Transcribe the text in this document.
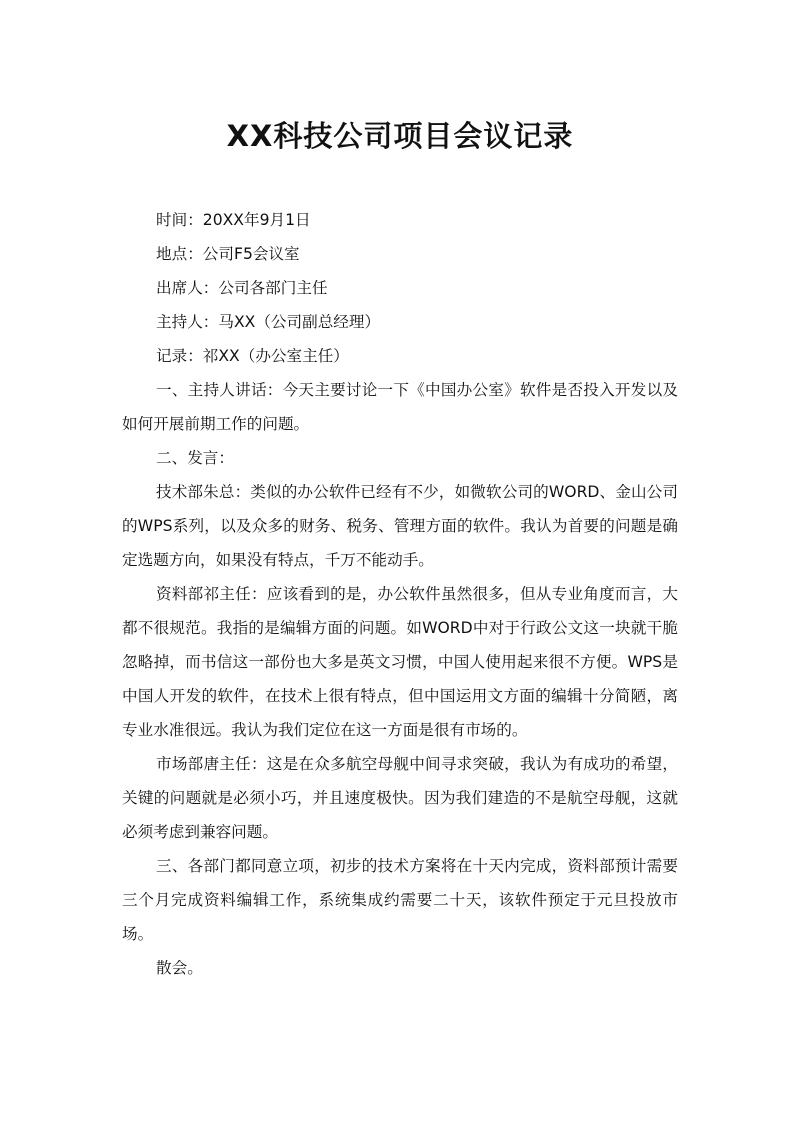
XX科技公司项目会议记录

时间：20XX年9月1日

地点：公司F5会议室

出席人：公司各部门主任

主持人：马XX（公司副总经理）

记录：祁XX（办公室主任）

一、主持人讲话：今天主要讨论一下《中国办公室》软件是否投入开发以及如何开展前期工作的问题。

二、发言：

技术部朱总：类似的办公软件已经有不少，如微软公司的WORD、金山公司的WPS系列，以及众多的财务、税务、管理方面的软件。我认为首要的问题是确定选题方向，如果没有特点，千万不能动手。

资料部祁主任：应该看到的是，办公软件虽然很多，但从专业角度而言，大都不很规范。我指的是编辑方面的问题。如WORD中对于行政公文这一块就干脆忽略掉，而书信这一部份也大多是英文习惯，中国人使用起来很不方便。WPS是中国人开发的软件，在技术上很有特点，但中国运用文方面的编辑十分简陋，离专业水准很远。我认为我们定位在这一方面是很有市场的。

市场部唐主任：这是在众多航空母舰中间寻求突破，我认为有成功的希望，关键的问题就是必须小巧，并且速度极快。因为我们建造的不是航空母舰，这就必须考虑到兼容问题。

三、各部门都同意立项，初步的技术方案将在十天内完成，资料部预计需要三个月完成资料编辑工作，系统集成约需要二十天，该软件预定于元旦投放市场。

散会。
